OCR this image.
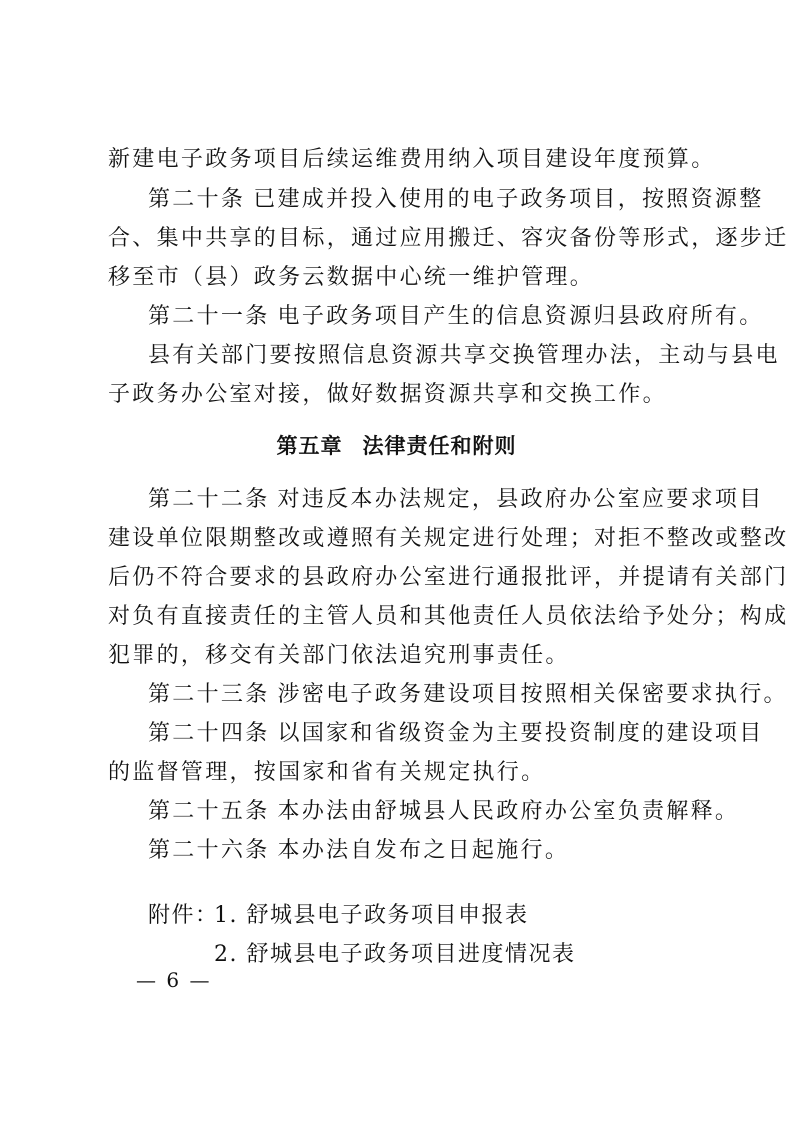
新建电子政务项目后续运维费用纳入项目建设年度预算。
第二十条 已建成并投入使用的电子政务项目，按照资源整
合、集中共享的目标，通过应用搬迁、容灾备份等形式，逐步迁
移至市（县）政务云数据中心统一维护管理。
第二十一条 电子政务项目产生的信息资源归县政府所有。
县有关部门要按照信息资源共享交换管理办法，主动与县电
子政务办公室对接，做好数据资源共享和交换工作。
第五章 法律责任和附则
第二十二条 对违反本办法规定，县政府办公室应要求项目
建设单位限期整改或遵照有关规定进行处理；对拒不整改或整改
后仍不符合要求的县政府办公室进行通报批评，并提请有关部门
对负有直接责任的主管人员和其他责任人员依法给予处分；构成
犯罪的，移交有关部门依法追究刑事责任。
第二十三条 涉密电子政务建设项目按照相关保密要求执行。
第二十四条 以国家和省级资金为主要投资制度的建设项目
的监督管理，按国家和省有关规定执行。
第二十五条 本办法由舒城县人民政府办公室负责解释。
第二十六条 本办法自发布之日起施行。
附件：
1. 舒城县电子政务项目申报表
2. 舒城县电子政务项目进度情况表
— 6 —
